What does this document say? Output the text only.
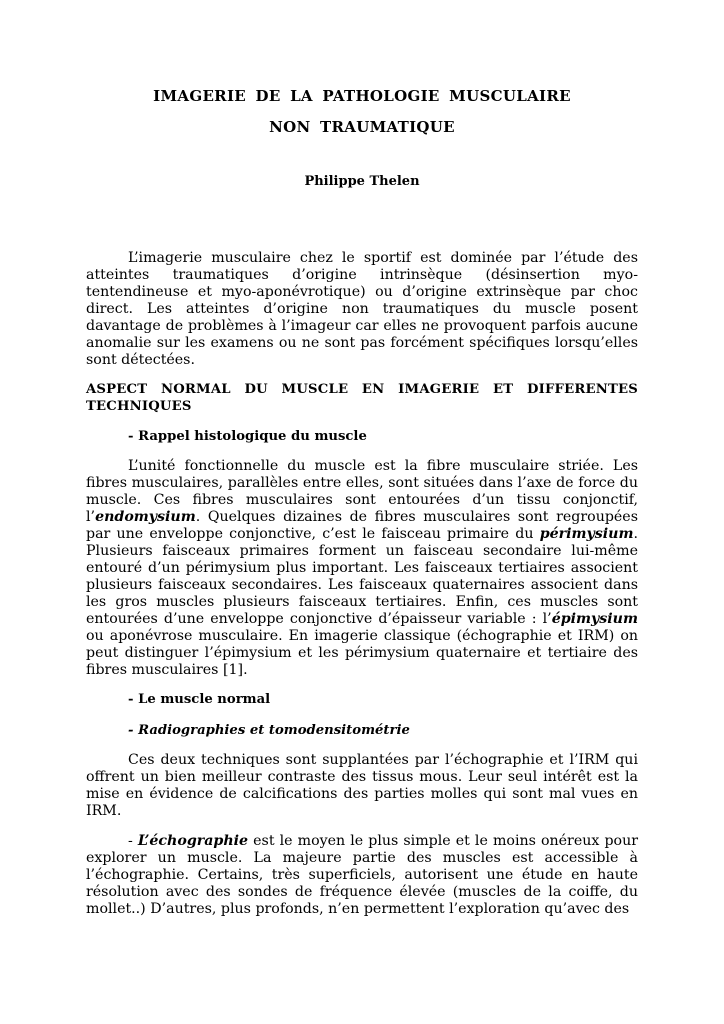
IMAGERIE DE LA PATHOLOGIE MUSCULAIRE

NON TRAUMATIQUE

Philippe Thelen

L’imagerie musculaire chez le sportif est dominée par l’étude des atteintes traumatiques d’origine intrinsèque (désinsertion myo-tentendineuse et myo-aponévrotique) ou d’origine extrinsèque par choc direct. Les atteintes d’origine non traumatiques du muscle posent davantage de problèmes à l’imageur car elles ne provoquent parfois aucune anomalie sur les examens ou ne sont pas forcément spécifiques lorsqu’elles sont détectées.

ASPECT NORMAL DU MUSCLE EN IMAGERIE ET DIFFERENTES TECHNIQUES

- Rappel histologique du muscle

L’unité fonctionnelle du muscle est la fibre musculaire striée. Les fibres musculaires, parallèles entre elles, sont situées dans l’axe de force du muscle. Ces fibres musculaires sont entourées d’un tissu conjonctif, l’endomysium. Quelques dizaines de fibres musculaires sont regroupées par une enveloppe conjonctive, c’est le faisceau primaire du périmysium. Plusieurs faisceaux primaires forment un faisceau secondaire lui-même entouré d’un périmysium plus important. Les faisceaux tertiaires associent plusieurs faisceaux secondaires. Les faisceaux quaternaires associent dans les gros muscles plusieurs faisceaux tertiaires. Enfin, ces muscles sont entourées d’une enveloppe conjonctive d’épaisseur variable : l’épimysium ou aponévrose musculaire. En imagerie classique (échographie et IRM) on peut distinguer l’épimysium et les périmysium quaternaire et tertiaire des fibres musculaires [1].

- Le muscle normal

- Radiographies et tomodensitométrie

Ces deux techniques sont supplantées par l’échographie et l’IRM qui offrent un bien meilleur contraste des tissus mous. Leur seul intérêt est la mise en évidence de calcifications des parties molles qui sont mal vues en IRM.

- L’échographie est le moyen le plus simple et le moins onéreux pour explorer un muscle. La majeure partie des muscles est accessible à l’échographie. Certains, très superficiels, autorisent une étude en haute résolution avec des sondes de fréquence élevée (muscles de la coiffe, du mollet..) D’autres, plus profonds, n’en permettent l’exploration qu’avec des
